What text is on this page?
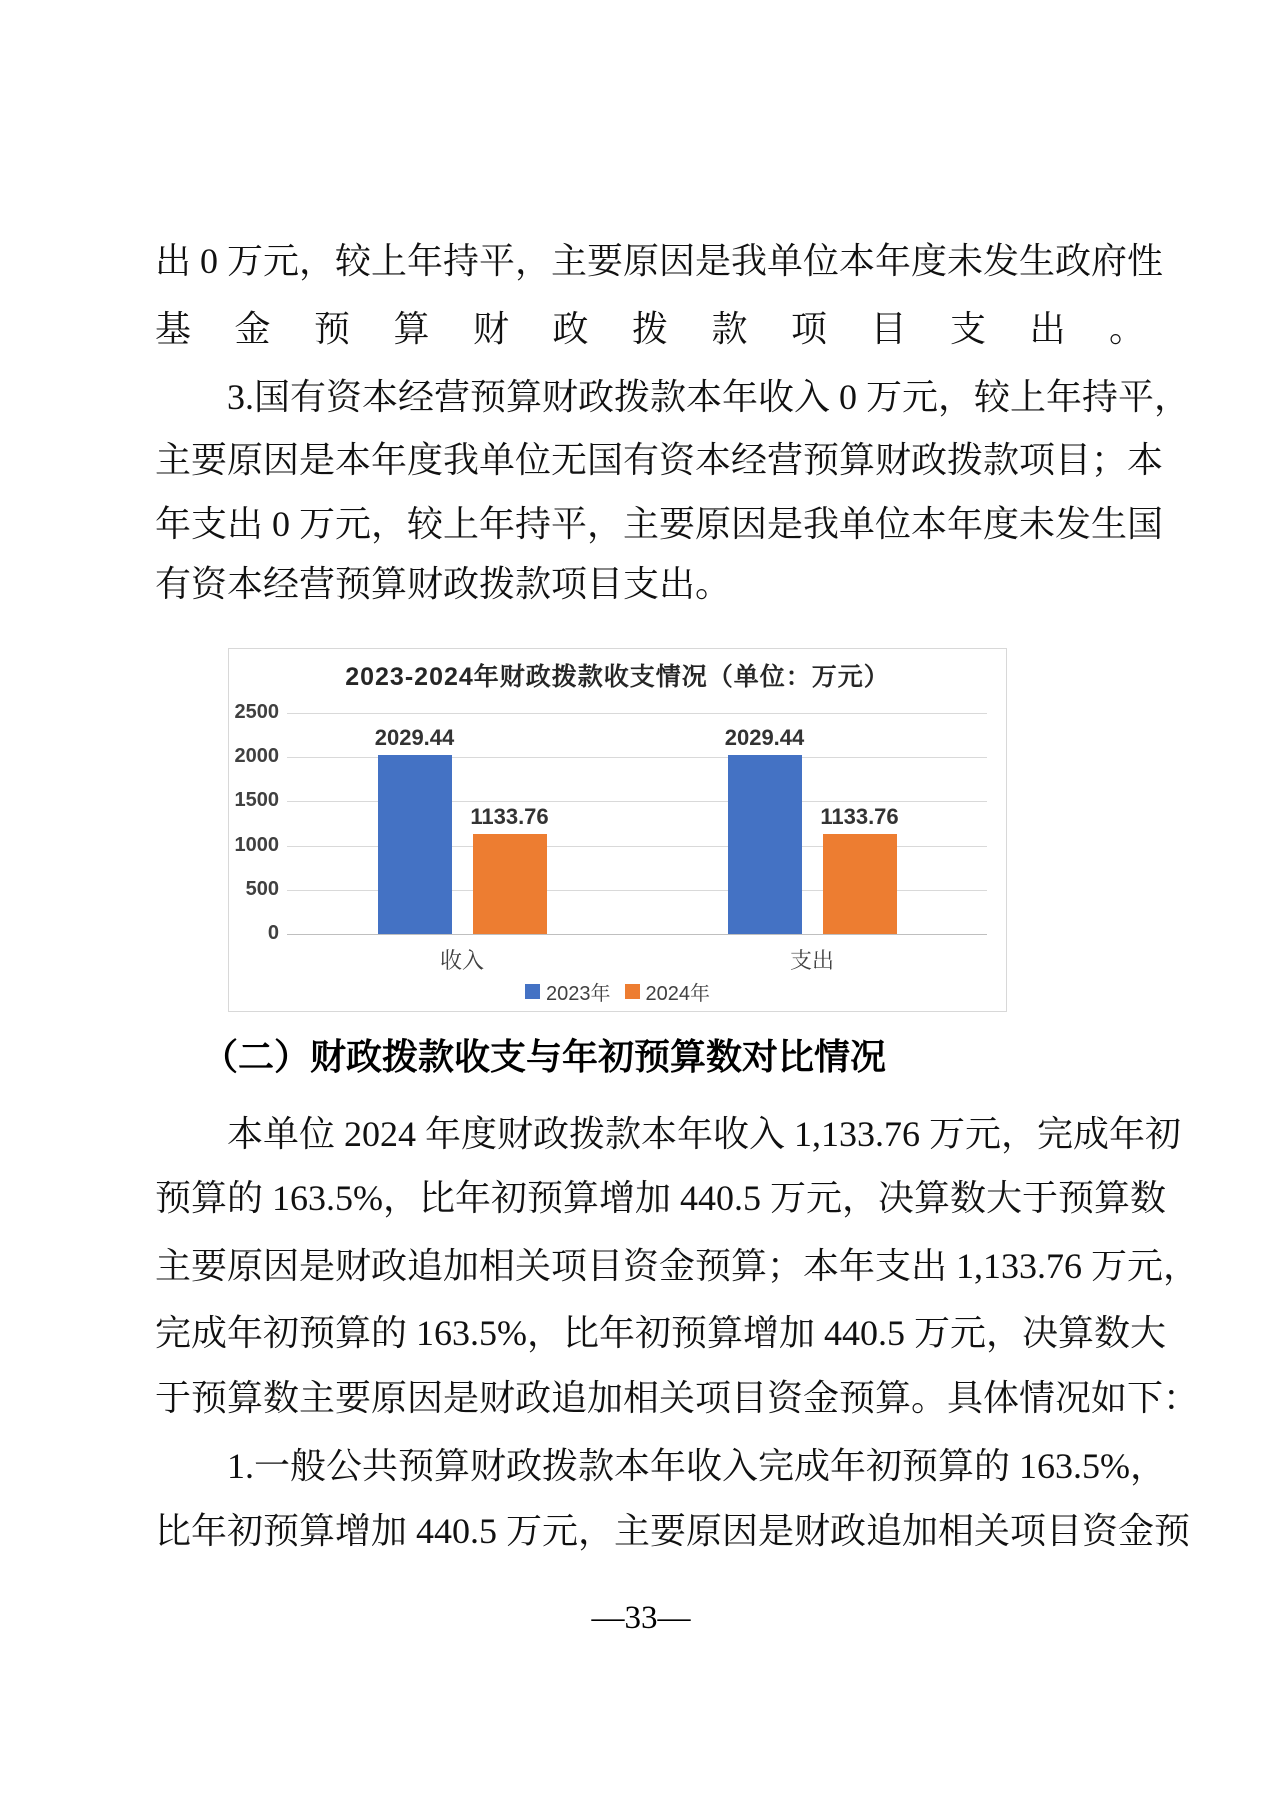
出 0 万元，较上年持平，主要原因是我单位本年度未发生政府性
基金预算财政拨款项目支出。
3.国有资本经营预算财政拨款本年收入 0 万元，较上年持平，
主要原因是本年度我单位无国有资本经营预算财政拨款项目；本
年支出 0 万元，较上年持平，主要原因是我单位本年度未发生国
有资本经营预算财政拨款项目支出。
2023-2024年财政拨款收支情况（单位：万元）
0
500
1000
1500
2000
2500
2029.44
1133.76
收入
2029.44
1133.76
支出
2023年 2024年
（二）财政拨款收支与年初预算数对比情况
本单位 2024 年度财政拨款本年收入 1,133.76 万元，完成年初
预算的 163.5%，比年初预算增加 440.5 万元，决算数大于预算数
主要原因是财政追加相关项目资金预算；本年支出 1,133.76 万元，
完成年初预算的 163.5%，比年初预算增加 440.5 万元，决算数大
于预算数主要原因是财政追加相关项目资金预算。具体情况如下：
1.一般公共预算财政拨款本年收入完成年初预算的 163.5%，
比年初预算增加 440.5 万元，主要原因是财政追加相关项目资金预
—33—
